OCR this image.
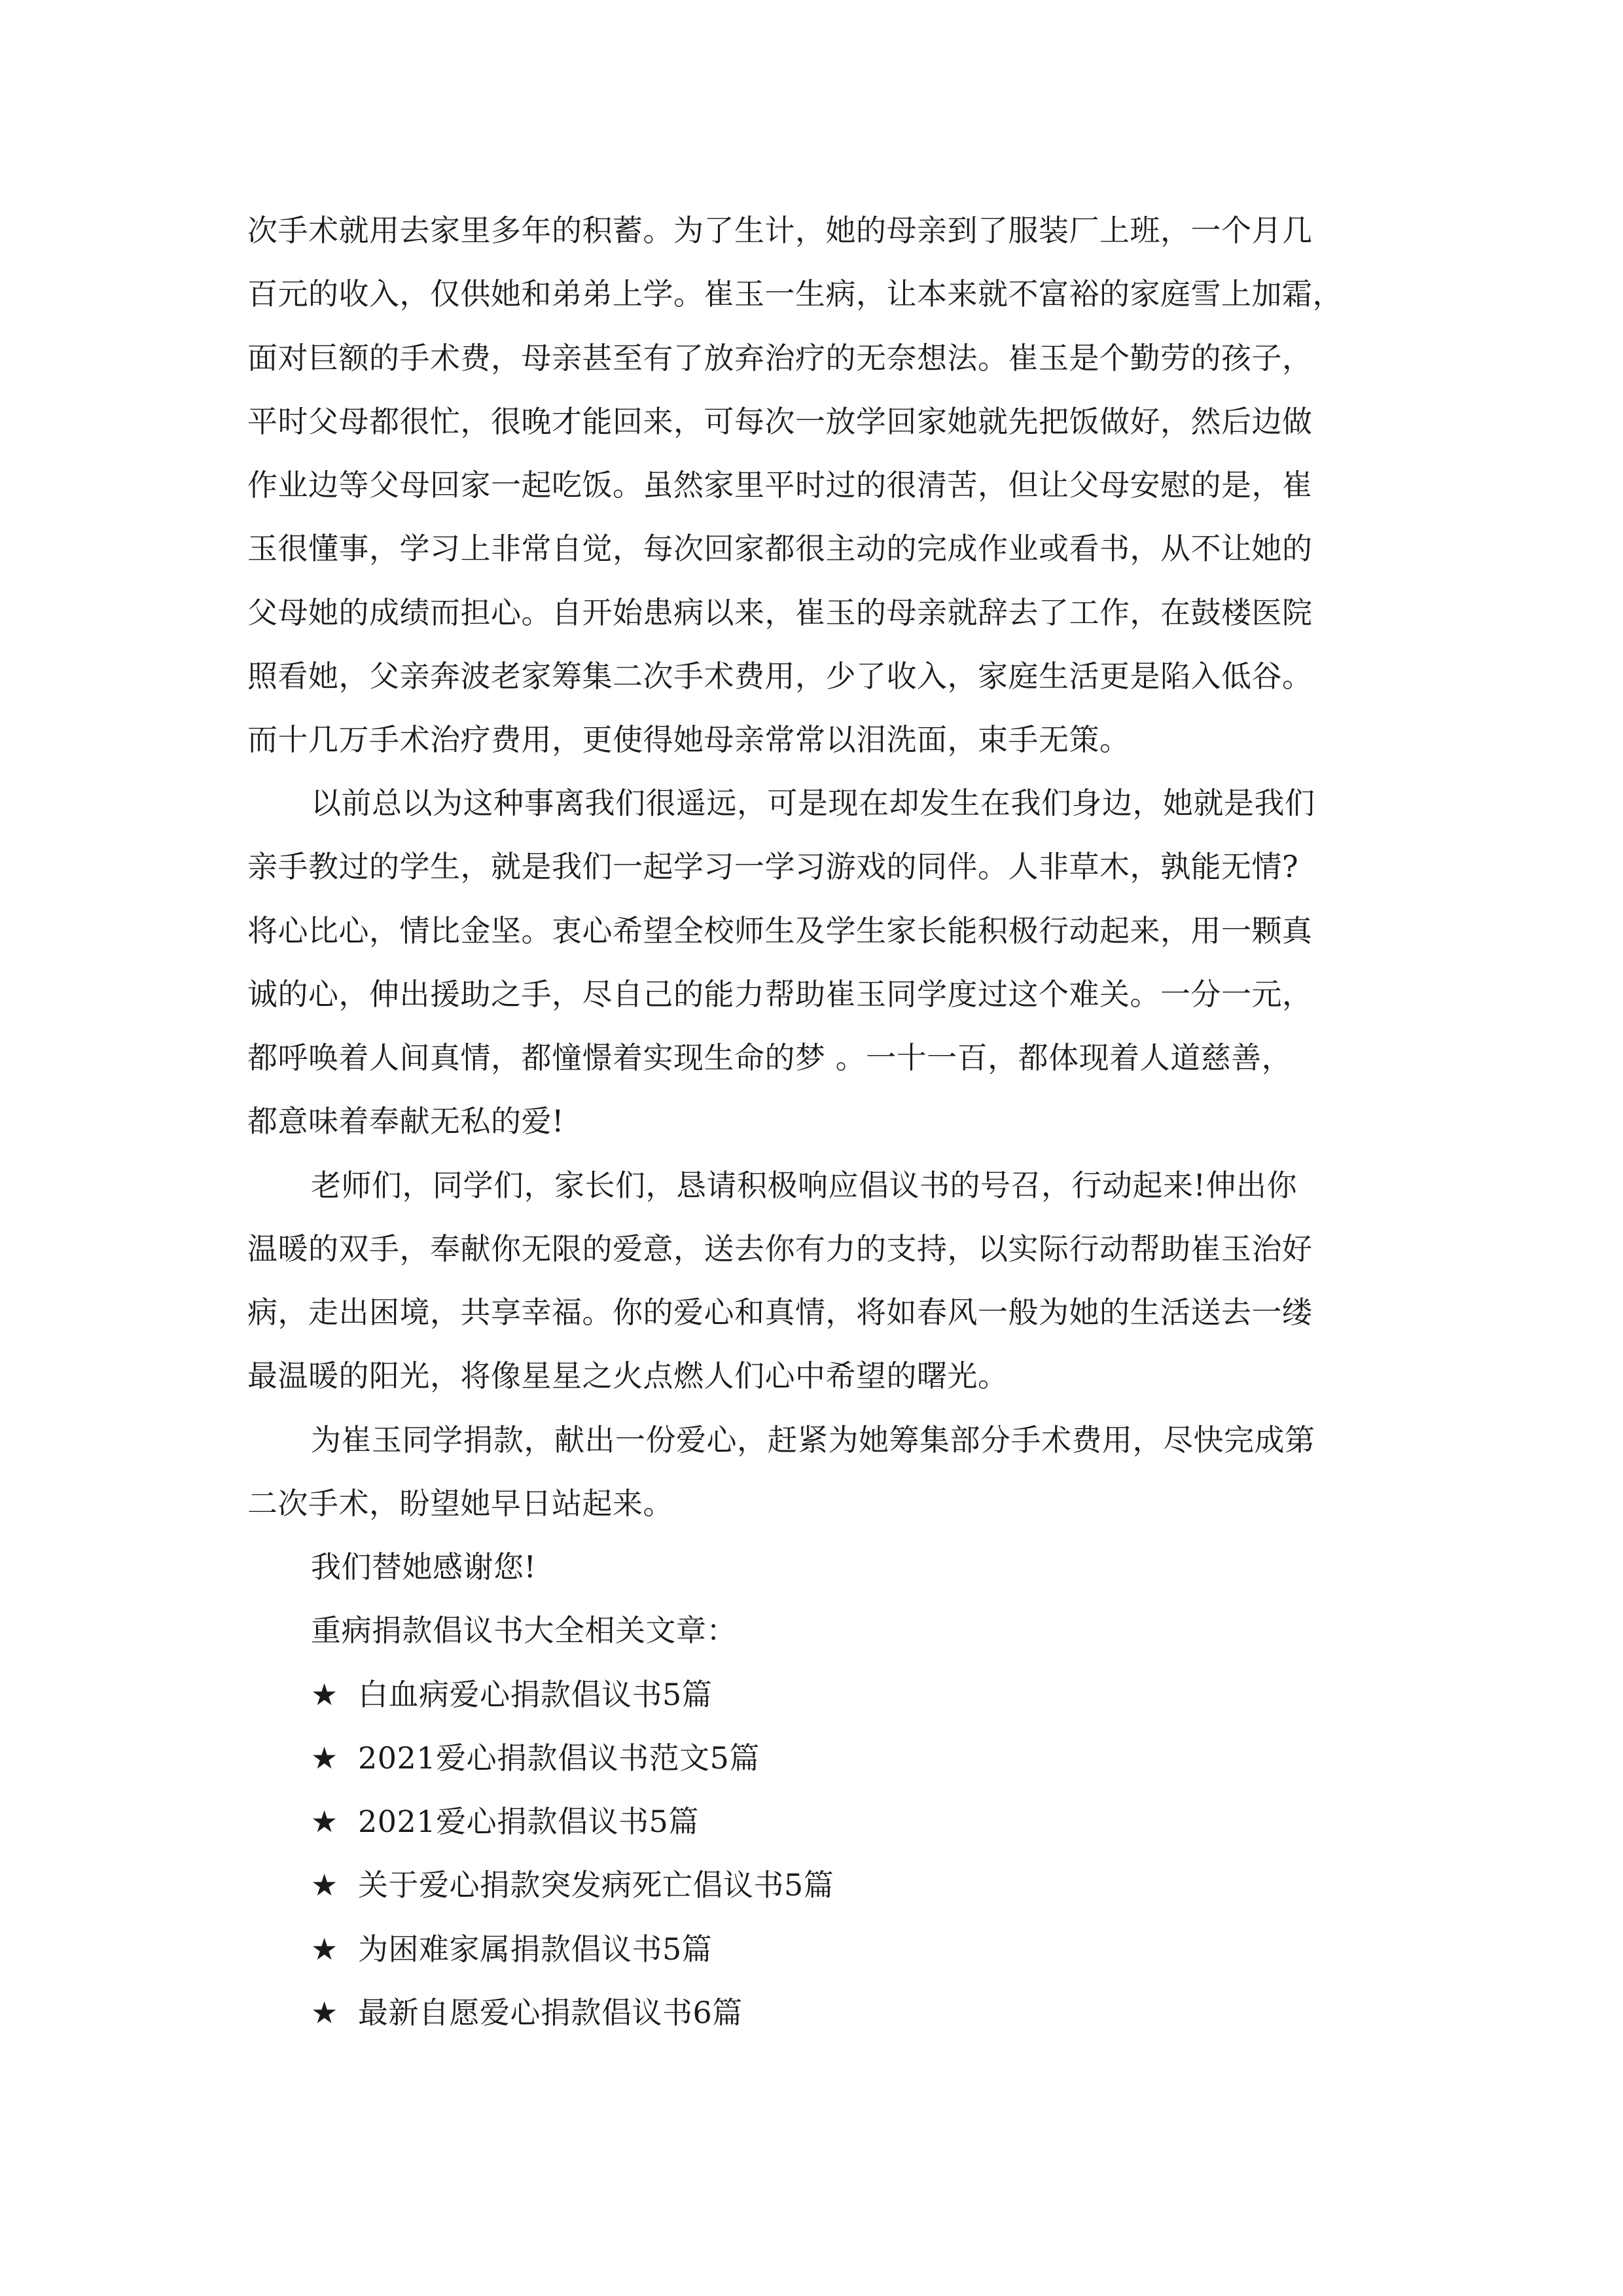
次手术就用去家里多年的积蓄。为了生计，她的母亲到了服装厂上班，一个月几
百元的收入，仅供她和弟弟上学。崔玉一生病，让本来就不富裕的家庭雪上加霜，
面对巨额的手术费，母亲甚至有了放弃治疗的无奈想法。崔玉是个勤劳的孩子，
平时父母都很忙，很晚才能回来，可每次一放学回家她就先把饭做好，然后边做
作业边等父母回家一起吃饭。虽然家里平时过的很清苦，但让父母安慰的是，崔
玉很懂事，学习上非常自觉，每次回家都很主动的完成作业或看书，从不让她的
父母她的成绩而担心。自开始患病以来，崔玉的母亲就辞去了工作，在鼓楼医院
照看她，父亲奔波老家筹集二次手术费用，少了收入，家庭生活更是陷入低谷。
而十几万手术治疗费用，更使得她母亲常常以泪洗面，束手无策。
以前总以为这种事离我们很遥远，可是现在却发生在我们身边，她就是我们
亲手教过的学生，就是我们一起学习一学习游戏的同伴。人非草木，孰能无情?
将心比心，情比金坚。衷心希望全校师生及学生家长能积极行动起来，用一颗真
诚的心，伸出援助之手，尽自己的能力帮助崔玉同学度过这个难关。一分一元，
都呼唤着人间真情，都憧憬着实现生命的梦 。一十一百，都体现着人道慈善，
都意味着奉献无私的爱!
老师们，同学们，家长们，恳请积极响应倡议书的号召，行动起来!伸出你
温暖的双手，奉献你无限的爱意，送去你有力的支持，以实际行动帮助崔玉治好
病，走出困境，共享幸福。你的爱心和真情，将如春风一般为她的生活送去一缕
最温暖的阳光，将像星星之火点燃人们心中希望的曙光。
为崔玉同学捐款，献出一份爱心，赶紧为她筹集部分手术费用，尽快完成第
二次手术，盼望她早日站起来。
我们替她感谢您!
重病捐款倡议书大全相关文章：
★ 白血病爱心捐款倡议书5篇
★ 2021爱心捐款倡议书范文5篇
★ 2021爱心捐款倡议书5篇
★ 关于爱心捐款突发病死亡倡议书5篇
★ 为困难家属捐款倡议书5篇
★ 最新自愿爱心捐款倡议书6篇
